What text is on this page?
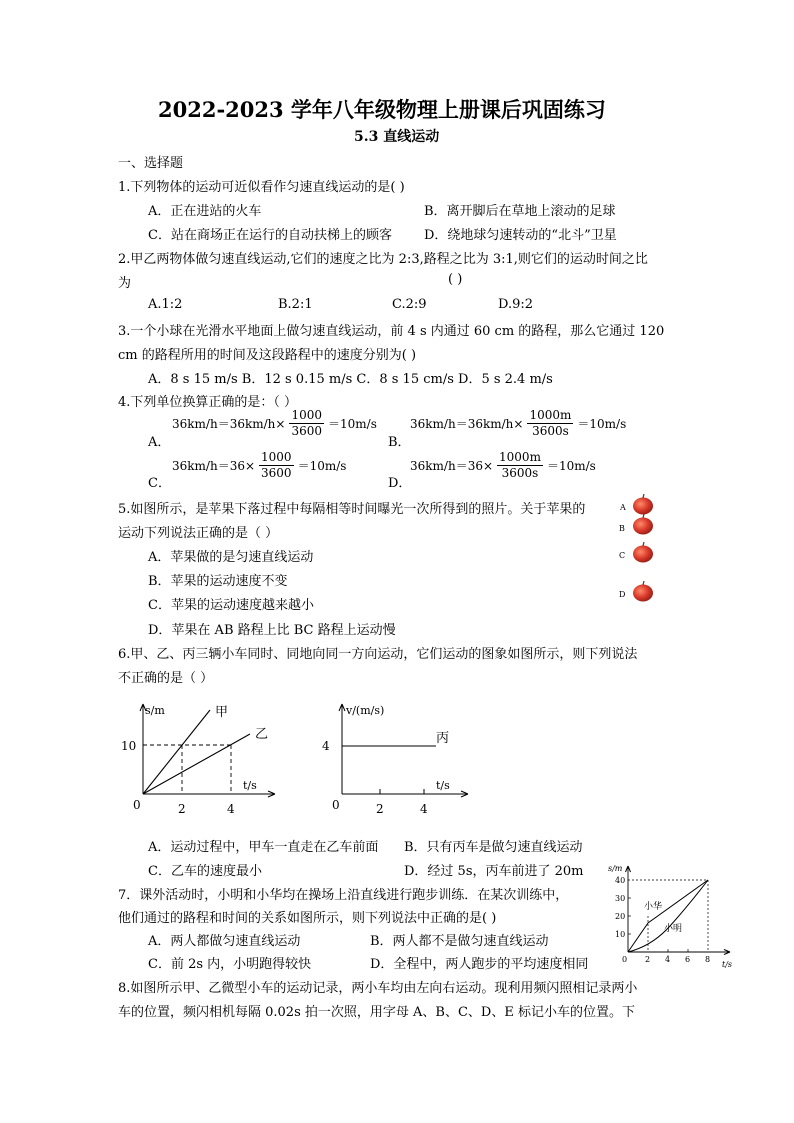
2022-2023 学年八年级物理上册课后巩固练习
5.3 直线运动
一、选择题
1.下列物体的运动可近似看作匀速直线运动的是( )
A．正在进站的火车	B．离开脚后在草地上滚动的足球
C．站在商场正在运行的自动扶梯上的顾客 D．绕地球匀速转动的“北斗”卫星
2.甲乙两物体做匀速直线运动,它们的速度之比为 2:3,路程之比为 3:1,则它们的运动时间之比
为	( )
A.1:2	B.2:1	C.2:9	D.9:2
3.一个小球在光滑水平地面上做匀速直线运动，前 4 s 内通过 60 cm 的路程，那么它通过 120
cm 的路程所用的时间及这段路程中的速度分别为( )
A．8 s 15 m/s B．12 s 0.15 m/s C．8 s 15 cm/s D．5 s 2.4 m/s
4.下列单位换算正确的是：（ ）
A．
$36km/h=36km/h\times \frac{1000}{3600} =10m/s$
B．
$36km/h=36km/h\times \frac{1000m}{3600s} =10m/s$
C．
$36km/h=36\times \frac{1000}{3600} =10m/s$
D．
$36km/h=36\times \frac{1000m}{3600s} =10m/s$
5.如图所示，是苹果下落过程中每隔相等时间曝光一次所得到的照片。关于苹果的
运动下列说法正确的是（ ）
A．苹果做的是匀速直线运动
B．苹果的运动速度不变
C．苹果的运动速度越来越小
D．苹果在 AB 路程上比 BC 路程上运动慢
A
B
C
D
6.甲、乙、丙三辆小车同时、同地向同一方向运动，它们运动的图象如图所示，则下列说法
不正确的是（ ）
s/m	甲
乙
10
0	2	4
t/s
v/(m/s)
丙
4
0	2	4
t/s
A．运动过程中，甲车一直走在乙车前面 B．只有丙车是做匀速直线运动
C．乙车的速度最小	D．经过 5s，丙车前进了 20m
7．课外活动时，小明和小华均在操场上沿直线进行跑步训练．在某次训练中，
他们通过的路程和时间的关系如图所示，则下列说法中正确的是( )
A．两人都做匀速直线运动	B．两人都不是做匀速直线运动
C．前 2s 内，小明跑得较快	D．全程中，两人跑步的平均速度相同
s/m
40
30
20
10
0 2 4 6 8
t/s
小华
小明
8.如图所示甲、乙微型小车的运动记录，两小车均由左向右运动。现利用频闪照相记录两小
车的位置，频闪相机每隔 0.02s 拍一次照，用字母 A、B、C、D、E 标记小车的位置。下
